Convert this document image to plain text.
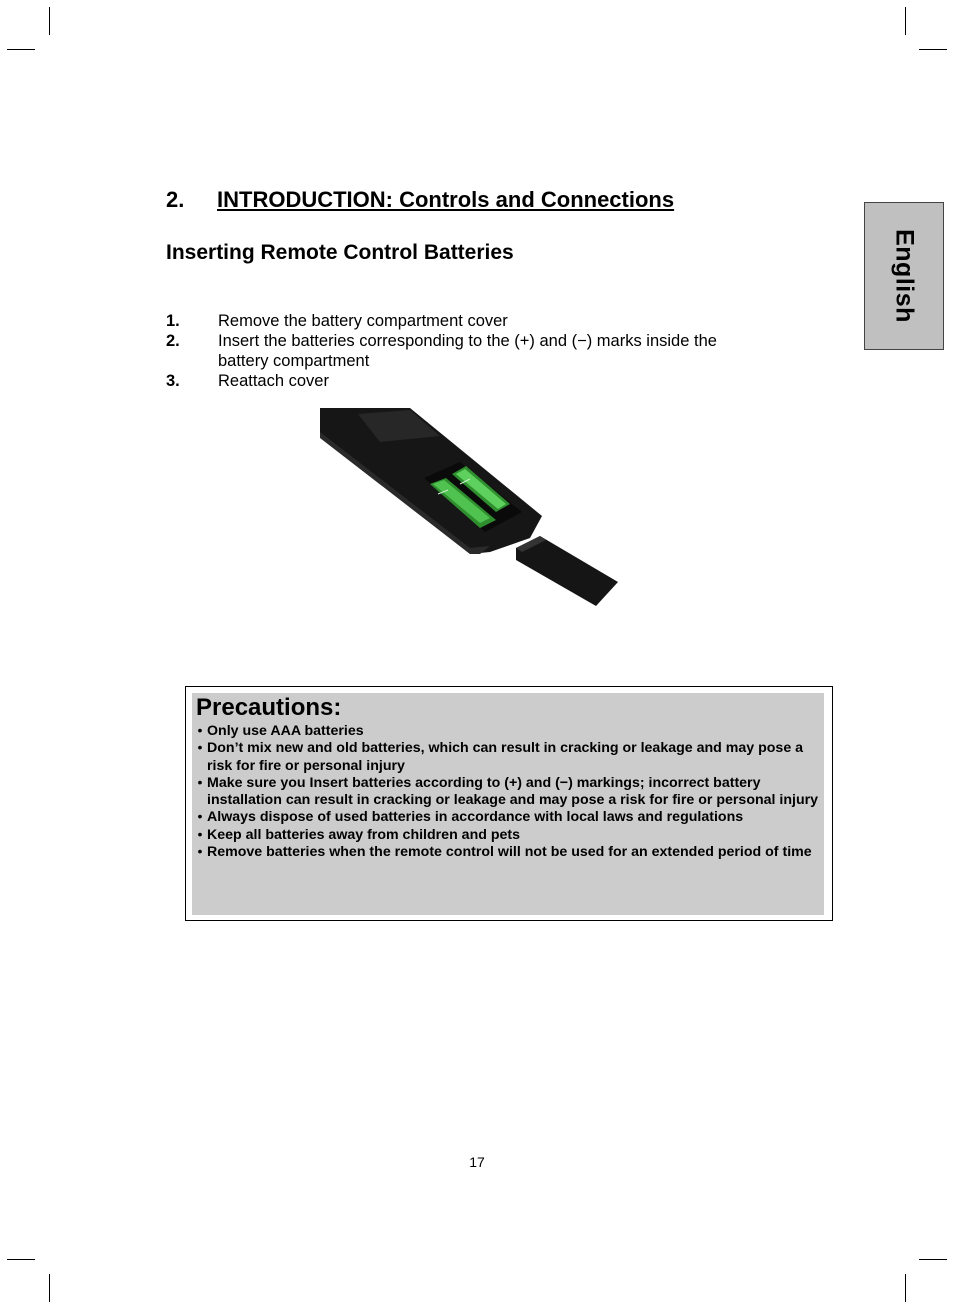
English
2. INTRODUCTION: Controls and Connections
Inserting Remote Control Batteries
1.	Remove the battery compartment cover
2.	Insert the batteries corresponding to the (+) and (−) marks inside the battery compartment
3.	Reattach cover
Precautions:
• Only use AAA batteries
• Don’t mix new and old batteries, which can result in cracking or leakage and may pose a risk for fire or personal injury
• Make sure you Insert batteries according to (+) and (−) markings; incorrect battery installation can result in cracking or leakage and may pose a risk for fire or personal injury
• Always dispose of used batteries in accordance with local laws and regulations
• Keep all batteries away from children and pets
• Remove batteries when the remote control will not be used for an extended period of time
17
